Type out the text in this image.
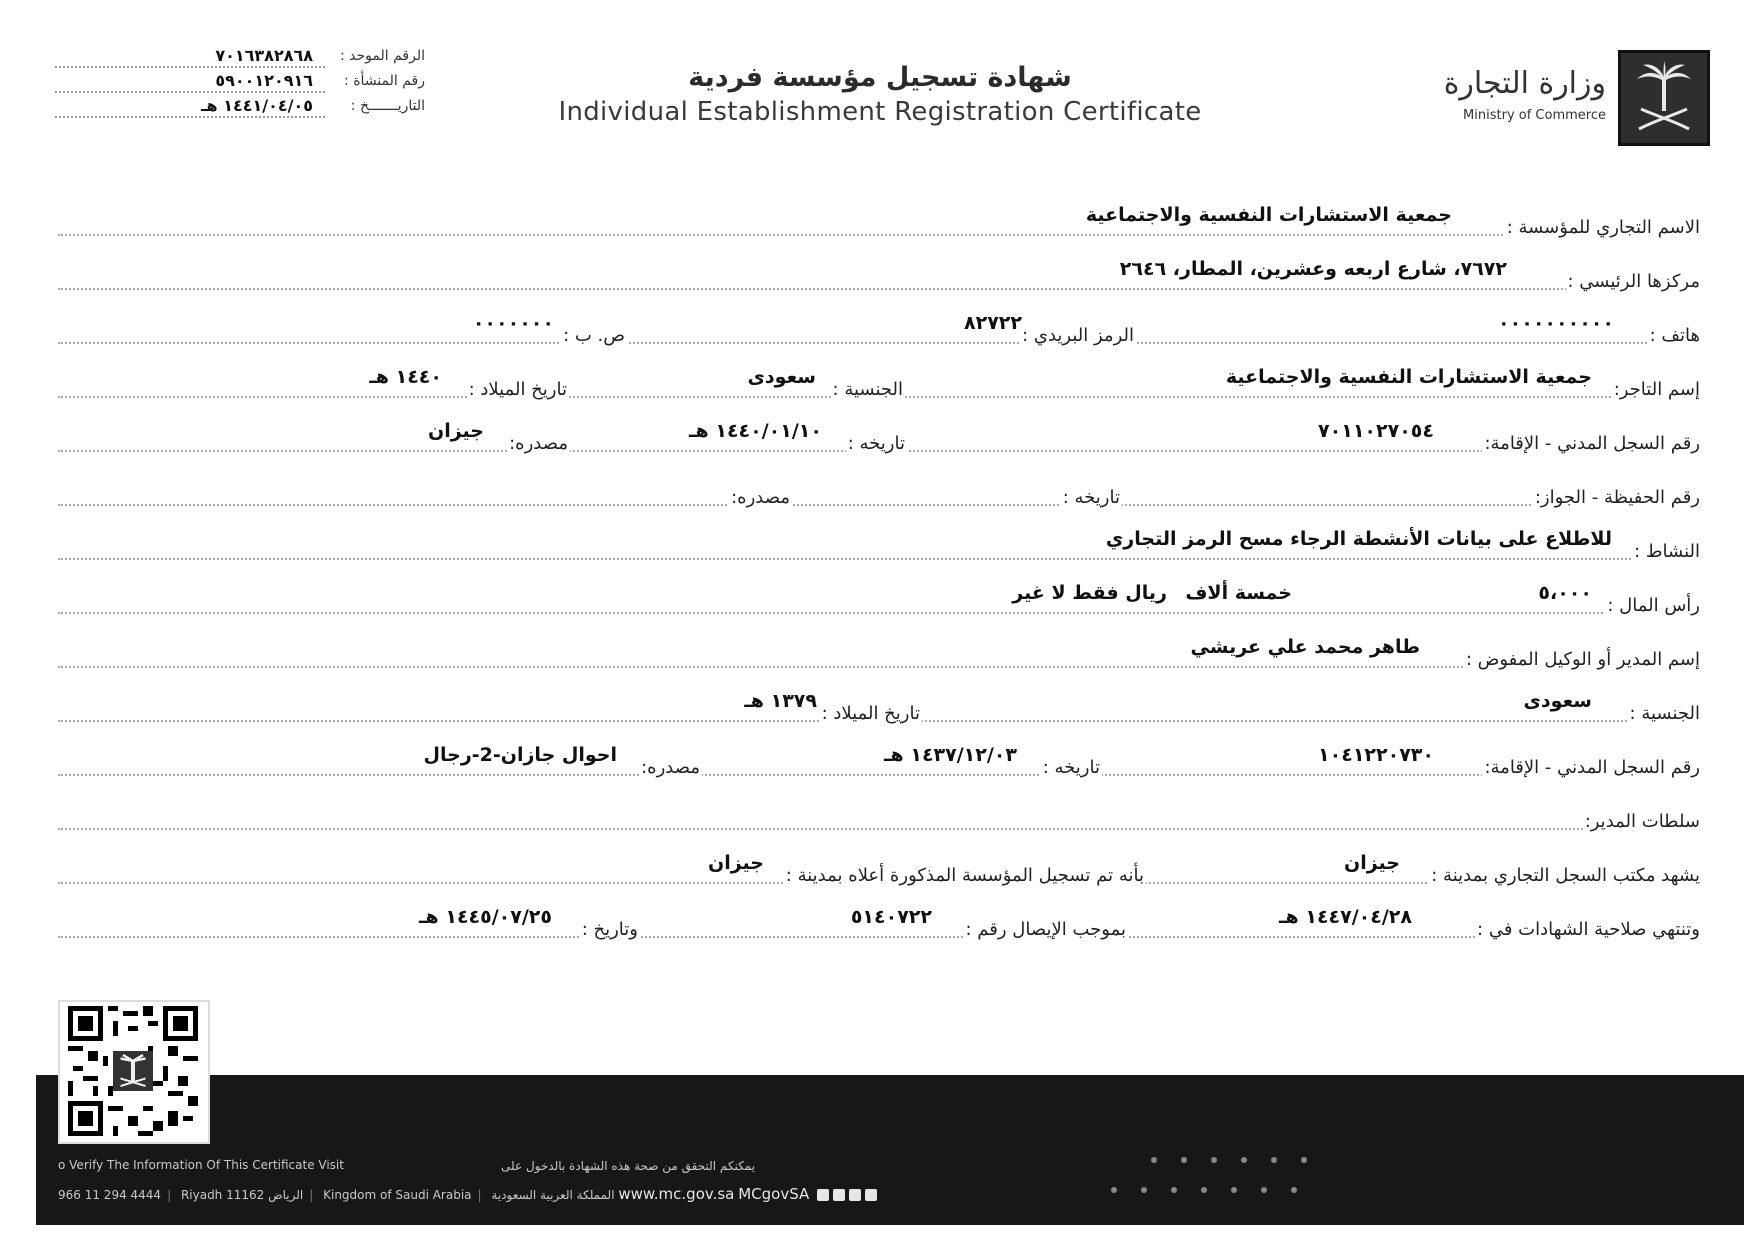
الرقم الموحد :
٧٠١٦٣٨٢٨٦٨
رقم المنشأة :
٥٩٠٠١٢٠٩١٦
التاريـــــــخ :
١٤٤١/٠٤/٠٥ هـ
شهادة تسجيل مؤسسة فردية
Individual Establishment Registration Certificate
وزارة التجارة
Ministry of Commerce
الاسم التجاري للمؤسسة :
جمعية الاستشارات النفسية والاجتماعية
مركزها الرئيسي :
٧٦٧٢، شارع اربعه وعشرين، المطار، ٢٦٤٦
هاتف :
٠٠٠٠٠٠٠٠٠٠
الرمز البريدي :
٨٢٧٢٢
ص. ب :
٠٠٠٠٠٠٠
إسم التاجر:
جمعية الاستشارات النفسية والاجتماعية
الجنسية :
سعودى
تاريخ الميلاد :
١٤٤٠ هـ
رقم السجل المدني - الإقامة:
٧٠١١٠٢٧٠٥٤
تاريخه :
١٤٤٠/٠١/١٠ هـ
مصدره:
جيزان
رقم الحفيظة - الجواز:
تاريخه :
مصدره:
النشاط :
للاطلاع على بيانات الأنشطة الرجاء مسح الرمز التجاري
رأس المال :
٥،٠٠٠
خمسة ألاف
ريال فقط لا غير
إسم المدير أو الوكيل المفوض :
طاهر محمد علي عريشي
الجنسية :
سعودى
تاريخ الميلاد :
١٣٧٩ هـ
رقم السجل المدني - الإقامة:
١٠٤١٢٢٠٧٣٠
تاريخه :
١٤٣٧/١٢/٠٣ هـ
مصدره:
احوال جازان-2-رجال
سلطات المدير:
يشهد مكتب السجل التجاري بمدينة :
جيزان
بأنه تم تسجيل المؤسسة المذكورة أعلاه بمدينة :
جيزان
وتنتهي صلاحية الشهادات في :
١٤٤٧/٠٤/٢٨ هـ
بموجب الإيصال رقم :
٥١٤٠٧٢٢
وتاريخ :
١٤٤٥/٠٧/٢٥ هـ
o Verify The Information Of This Certificate Visit	يمكنكم التحقق من صحة هذه الشهادة بالدخول على
966 11 294 4444 | Riyadh 11162 الرياض | Kingdom of Saudi Arabia | المملكة العربية السعودية www.mc.gov.sa MCgovSA
